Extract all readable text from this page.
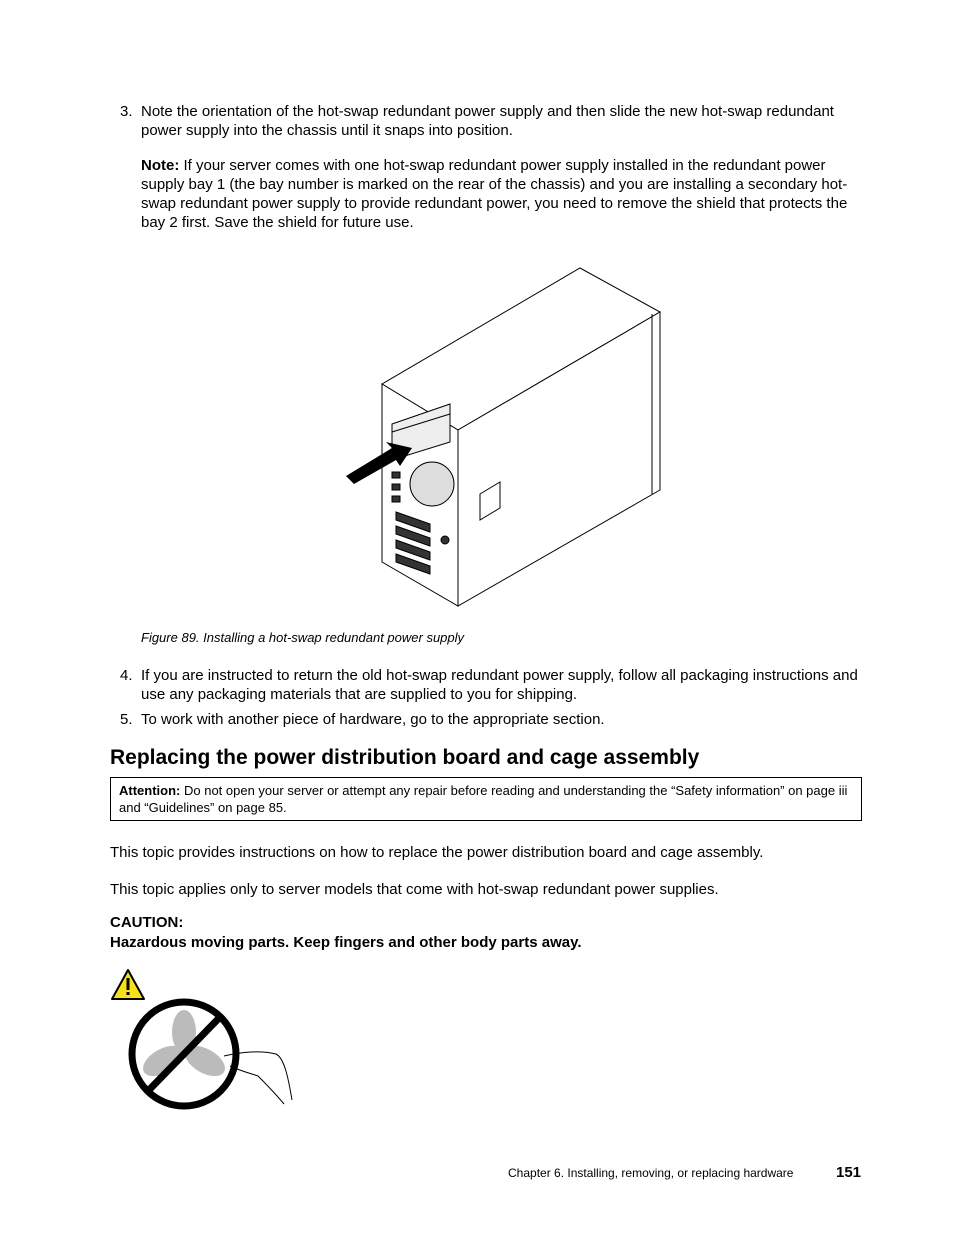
3. Note the orientation of the hot-swap redundant power supply and then slide the new hot-swap redundant power supply into the chassis until it snaps into position.

Note: If your server comes with one hot-swap redundant power supply installed in the redundant power supply bay 1 (the bay number is marked on the rear of the chassis) and you are installing a secondary hot-swap redundant power supply to provide redundant power, you need to remove the shield that protects the bay 2 first. Save the shield for future use.

Figure 89. Installing a hot-swap redundant power supply
4. If you are instructed to return the old hot-swap redundant power supply, follow all packaging instructions and use any packaging materials that are supplied to you for shipping.

5. To work with another piece of hardware, go to the appropriate section.

Replacing the power distribution board and cage assembly
Attention: Do not open your server or attempt any repair before reading and understanding the “Safety information” on page iii and “Guidelines” on page 85.

This topic provides instructions on how to replace the power distribution board and cage assembly.

This topic applies only to server models that come with hot-swap redundant power supplies.

CAUTION:

Hazardous moving parts. Keep fingers and other body parts away.

Chapter 6. Installing, removing, or replacing hardware	151
